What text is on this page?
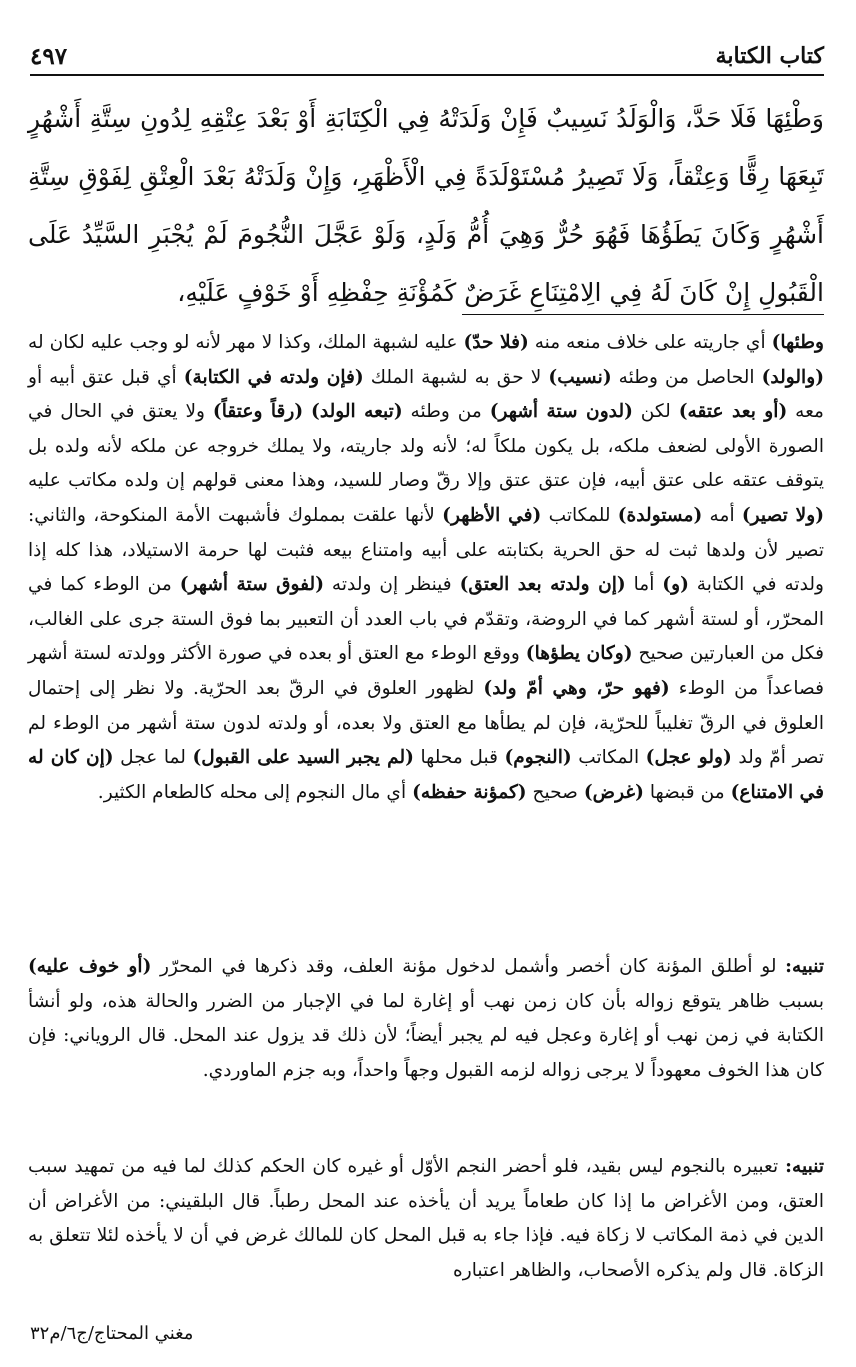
كتاب الكتابة
٤٩٧
وَطْئِهَا فَلَا حَدَّ، وَالْوَلَدُ نَسِيبٌ فَإِنْ وَلَدَتْهُ فِي الْكِتَابَةِ أَوْ بَعْدَ عِتْقِهِ لِدُونِ سِتَّةِ أَشْهُرٍ تَبِعَهَا رِقًّا وَعِتْقاً، وَلَا تَصِيرُ مُسْتَوْلَدَةً فِي الْأَظْهَرِ، وَإِنْ وَلَدَتْهُ بَعْدَ الْعِتْقِ لِفَوْقِ سِتَّةِ أَشْهُرٍ وَكَانَ يَطَؤُهَا فَهُوَ حُرٌّ وَهِيَ أُمُّ وَلَدٍ، وَلَوْ عَجَّلَ النُّجُومَ لَمْ يُجْبَرِ السَّيِّدُ عَلَى الْقَبُولِ إِنْ كَانَ لَهُ فِي الِامْتِنَاعِ غَرَضٌ كَمُؤْنَةِ حِفْظِهِ أَوْ خَوْفٍ عَلَيْهِ،
وطئها) أي جاريته على خلاف منعه منه (فلا حدّ) عليه لشبهة الملك، وكذا لا مهر لأنه لو وجب عليه لكان له (والولد) الحاصل من وطئه (نسيب) لا حق به لشبهة الملك (فإن ولدته في الكتابة) أي قبل عتق أبيه أو معه (أو بعد عتقه) لكن (لدون ستة أشهر) من وطئه (تبعه الولد) (رقاً وعتقاً) ولا يعتق في الحال في الصورة الأولى لضعف ملكه، بل يكون ملكاً له؛ لأنه ولد جاريته، ولا يملك خروجه عن ملكه لأنه ولده بل يتوقف عتقه على عتق أبيه، فإن عتق عتق وإلا رقّ وصار للسيد، وهذا معنى قولهم إن ولده مكاتب عليه (ولا تصير) أمه (مستولدة) للمكاتب (في الأظهر) لأنها علقت بمملوك فأشبهت الأمة المنكوحة، والثاني: تصير لأن ولدها ثبت له حق الحرية بكتابته على أبيه وامتناع بيعه فثبت لها حرمة الاستيلاد، هذا كله إذا ولدته في الكتابة (و) أما (إن ولدته بعد العتق) فينظر إن ولدته (لفوق ستة أشهر) من الوطء كما في المحرّر، أو لستة أشهر كما في الروضة، وتقدّم في باب العدد أن التعبير بما فوق الستة جرى على الغالب، فكل من العبارتين صحيح (وكان يطؤها) ووقع الوطء مع العتق أو بعده في صورة الأكثر وولدته لستة أشهر فصاعداً من الوطء (فهو حرّ، وهي أمّ ولد) لظهور العلوق في الرقّ بعد الحرّية. ولا نظر إلى إحتمال العلوق في الرقّ تغليباً للحرّية، فإن لم يطأها مع العتق ولا بعده، أو ولدته لدون ستة أشهر من الوطء لم تصر أمّ ولد (ولو عجل) المكاتب (النجوم) قبل محلها (لم يجبر السيد على القبول) لما عجل (إن كان له في الامتناع) من قبضها (غرض) صحيح (كمؤنة حفظه) أي مال النجوم إلى محله كالطعام الكثير.
تنبيه: لو أطلق المؤنة كان أخصر وأشمل لدخول مؤنة العلف، وقد ذكرها في المحرّر (أو خوف عليه) بسبب ظاهر يتوقع زواله بأن كان زمن نهب أو إغارة لما في الإجبار من الضرر والحالة هذه، ولو أنشأ الكتابة في زمن نهب أو إغارة وعجل فيه لم يجبر أيضاً؛ لأن ذلك قد يزول عند المحل. قال الروياني: فإن كان هذا الخوف معهوداً لا يرجى زواله لزمه القبول وجهاً واحداً، وبه جزم الماوردي.
تنبيه: تعبيره بالنجوم ليس بقيد، فلو أحضر النجم الأوّل أو غيره كان الحكم كذلك لما فيه من تمهيد سبب العتق، ومن الأغراض ما إذا كان طعاماً يريد أن يأخذه عند المحل رطباً. قال البلقيني: من الأغراض أن الدين في ذمة المكاتب لا زكاة فيه. فإذا جاء به قبل المحل كان للمالك غرض في أن لا يأخذه لئلا تتعلق به الزكاة. قال ولم يذكره الأصحاب، والظاهر اعتباره
مغني المحتاج/ج٦/م٣٢
